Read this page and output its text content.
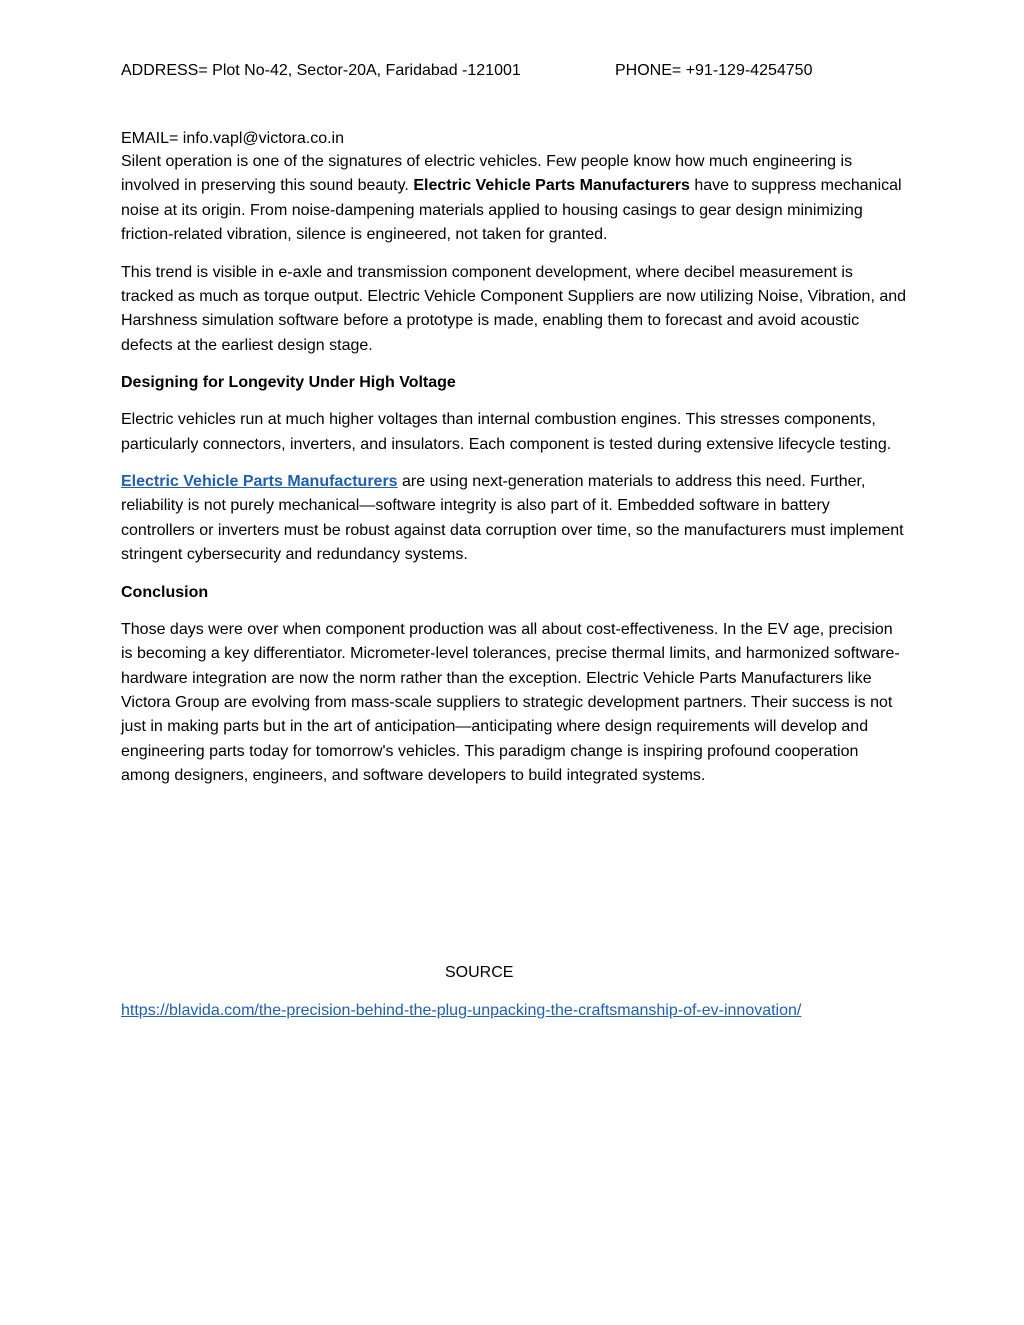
ADDRESS= Plot No-42, Sector-20A, Faridabad -121001	PHONE= +91-129-4254750
EMAIL= info.vapl@victora.co.in

Silent operation is one of the signatures of electric vehicles. Few people know how much engineering is involved in preserving this sound beauty. Electric Vehicle Parts Manufacturers have to suppress mechanical noise at its origin. From noise-dampening materials applied to housing casings to gear design minimizing friction-related vibration, silence is engineered, not taken for granted.

This trend is visible in e-axle and transmission component development, where decibel measurement is tracked as much as torque output. Electric Vehicle Component Suppliers are now utilizing Noise, Vibration, and Harshness simulation software before a prototype is made, enabling them to forecast and avoid acoustic defects at the earliest design stage.

Designing for Longevity Under High Voltage

Electric vehicles run at much higher voltages than internal combustion engines. This stresses components, particularly connectors, inverters, and insulators. Each component is tested during extensive lifecycle testing.

Electric Vehicle Parts Manufacturers are using next-generation materials to address this need. Further, reliability is not purely mechanical—software integrity is also part of it. Embedded software in battery controllers or inverters must be robust against data corruption over time, so the manufacturers must implement stringent cybersecurity and redundancy systems.

Conclusion

Those days were over when component production was all about cost-effectiveness. In the EV age, precision is becoming a key differentiator. Micrometer-level tolerances, precise thermal limits, and harmonized software-hardware integration are now the norm rather than the exception. Electric Vehicle Parts Manufacturers like Victora Group are evolving from mass-scale suppliers to strategic development partners. Their success is not just in making parts but in the art of anticipation—anticipating where design requirements will develop and engineering parts today for tomorrow's vehicles. This paradigm change is inspiring profound cooperation among designers, engineers, and software developers to build integrated systems.

SOURCE
https://blavida.com/the-precision-behind-the-plug-unpacking-the-craftsmanship-of-ev-innovation/
